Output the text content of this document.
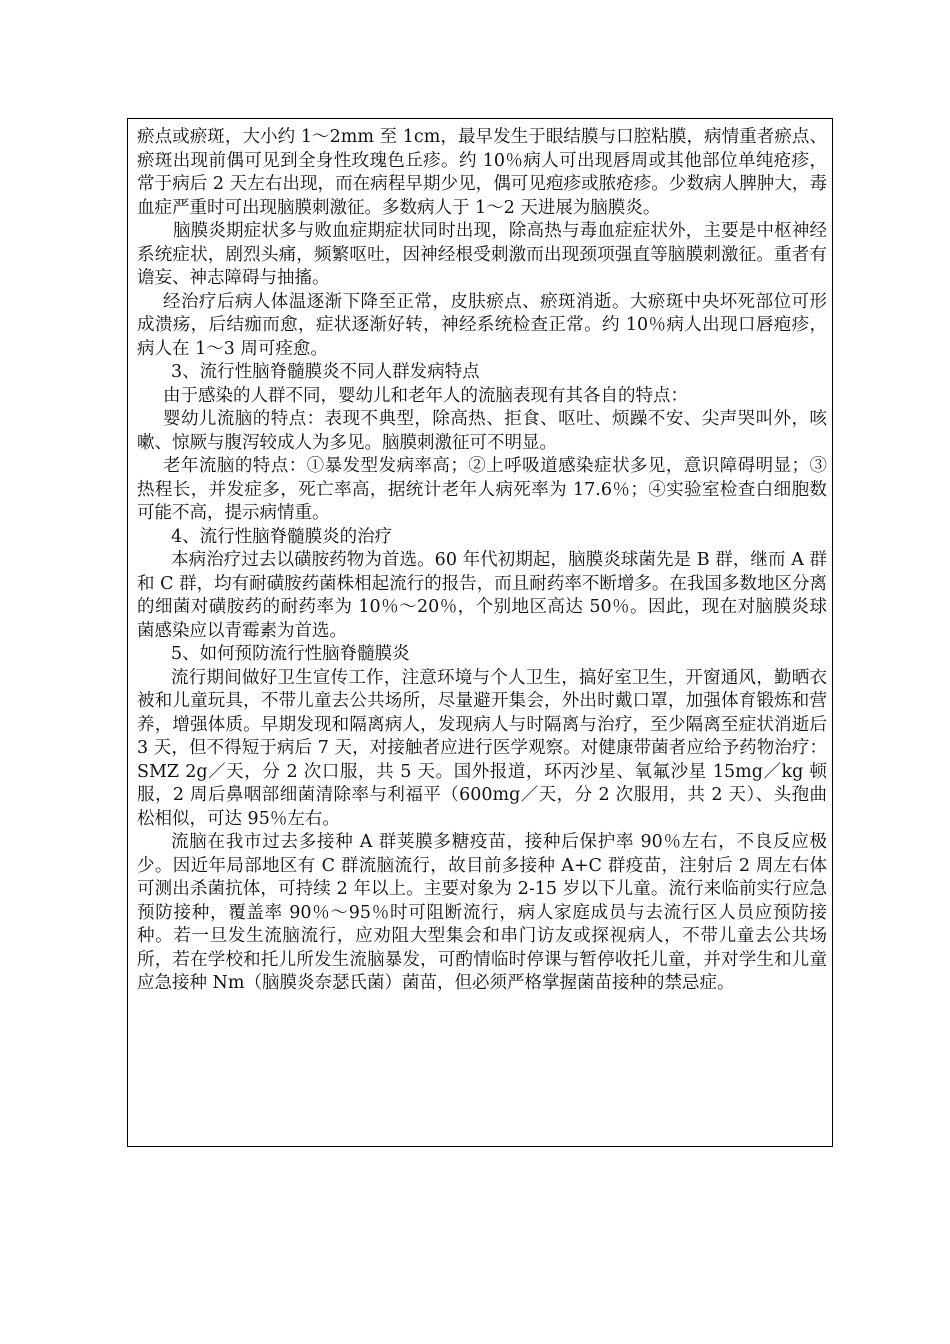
瘀点或瘀斑，大小约 1～2mm 至 1cm，最早发生于眼结膜与口腔粘膜，病情重者瘀点、瘀斑出现前偶可见到全身性玫瑰色丘疹。约 10％病人可出现唇周或其他部位单纯疮疹，常于病后 2 天左右出现，而在病程早期少见，偶可见疱疹或脓疮疹。少数病人脾肿大，毒血症严重时可出现脑膜刺激征。多数病人于 1～2 天进展为脑膜炎。

脑膜炎期症状多与败血症期症状同时出现，除高热与毒血症症状外，主要是中枢神经系统症状，剧烈头痛，频繁呕吐，因神经根受刺激而出现颈项强直等脑膜刺激征。重者有谵妄、神志障碍与抽搐。

经治疗后病人体温逐渐下降至正常，皮肤瘀点、瘀斑消逝。大瘀斑中央坏死部位可形成溃疡，后结痂而愈，症状逐渐好转，神经系统检查正常。约 10％病人出现口唇疱疹，病人在 1～3 周可痊愈。

3、流行性脑脊髓膜炎不同人群发病特点

由于感染的人群不同，婴幼儿和老年人的流脑表现有其各自的特点：

婴幼儿流脑的特点：表现不典型，除高热、拒食、呕吐、烦躁不安、尖声哭叫外，咳嗽、惊厥与腹泻较成人为多见。脑膜刺激征可不明显。

老年流脑的特点：①暴发型发病率高；②上呼吸道感染症状多见，意识障碍明显；③热程长，并发症多，死亡率高，据统计老年人病死率为 17.6％；④实验室检查白细胞数可能不高，提示病情重。

4、流行性脑脊髓膜炎的治疗

本病治疗过去以磺胺药物为首选。60 年代初期起，脑膜炎球菌先是 B 群，继而 A 群和 C 群，均有耐磺胺药菌株相起流行的报告，而且耐药率不断增多。在我国多数地区分离的细菌对磺胺药的耐药率为 10％～20％，个别地区高达 50％。因此，现在对脑膜炎球菌感染应以青霉素为首选。

5、如何预防流行性脑脊髓膜炎

流行期间做好卫生宣传工作，注意环境与个人卫生，搞好室卫生，开窗通风，勤晒衣被和儿童玩具，不带儿童去公共场所，尽量避开集会，外出时戴口罩，加强体育锻炼和营养，增强体质。早期发现和隔离病人，发现病人与时隔离与治疗，至少隔离至症状消逝后 3 天，但不得短于病后 7 天，对接触者应进行医学观察。对健康带菌者应给予药物治疗：SMZ 2g／天，分 2 次口服，共 5 天。国外报道，环丙沙星、氧氟沙星 15mg／kg 顿服，2 周后鼻咽部细菌清除率与利福平（600mg／天，分 2 次服用，共 2 天）、头孢曲松相似，可达 95％左右。

流脑在我市过去多接种 A 群荚膜多糖疫苗，接种后保护率 90％左右，不良反应极少。因近年局部地区有 C 群流脑流行，故目前多接种 A+C 群疫苗，注射后 2 周左右体可测出杀菌抗体，可持续 2 年以上。主要对象为 2-15 岁以下儿童。流行来临前实行应急预防接种，覆盖率 90％～95％时可阻断流行，病人家庭成员与去流行区人员应预防接种。若一旦发生流脑流行，应劝阻大型集会和串门访友或探视病人，不带儿童去公共场所，若在学校和托儿所发生流脑暴发，可酌情临时停课与暂停收托儿童，并对学生和儿童应急接种 Nm（脑膜炎奈瑟氏菌）菌苗，但必须严格掌握菌苗接种的禁忌症。
